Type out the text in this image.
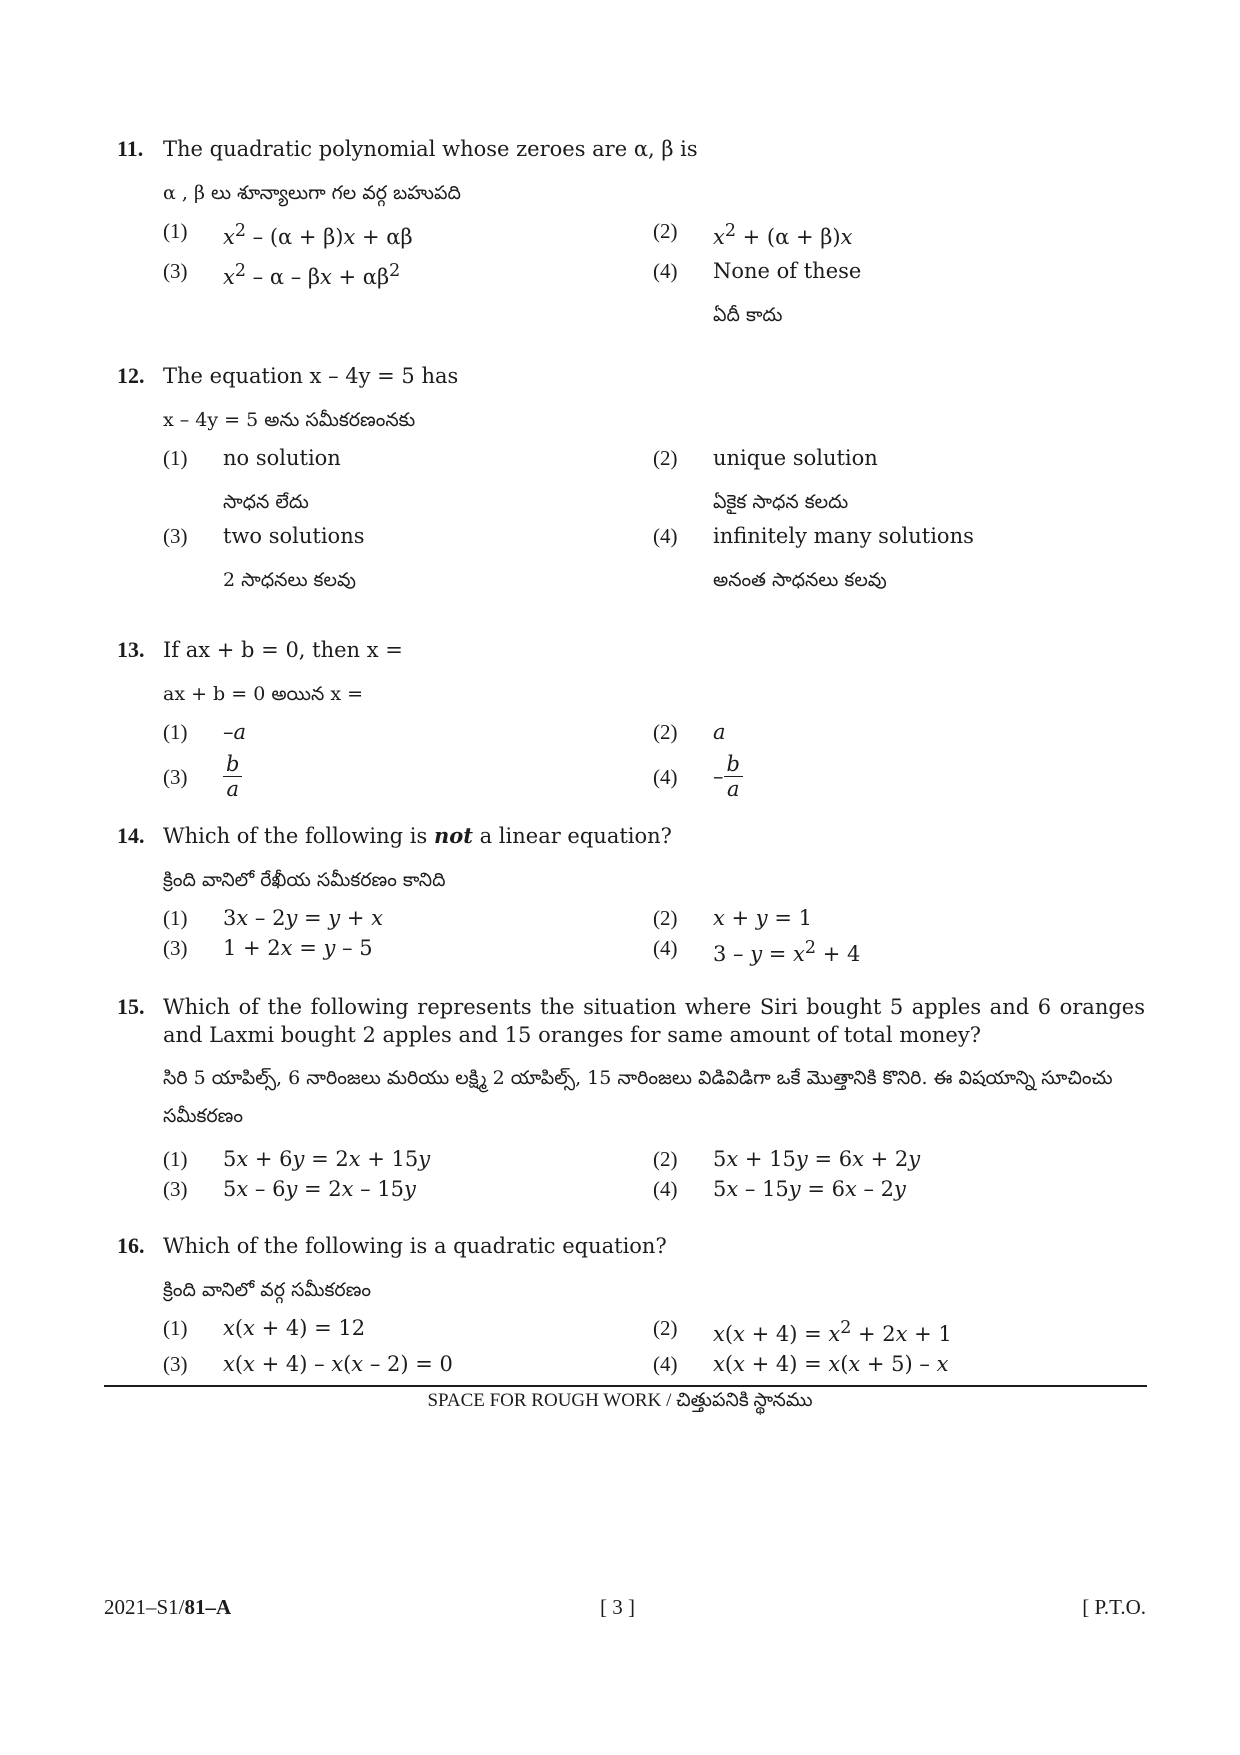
11. The quadratic polynomial whose zeroes are α, β is
α , β లు శూన్యాలుగా గల వర్గ బహుపది
(1)	$x^2 - (\alpha + \beta)x + \alpha\beta$	(2)	$x^2 + (\alpha + \beta)x$
(3)	$x^2 - \alpha - \beta x + \alpha\beta^2$	(4)	None of these
ఏదీ కాదు
12. The equation x – 4y = 5 has
x – 4y = 5 అను సమీకరణంనకు
(1)	no solution
సాధన లేదు
(2)	unique solution
ఏకైక సాధన కలదు
(3)	two solutions
2 సాధనలు కలవు
(4)	infinitely many solutions
అనంత సాధనలు కలవు
13. If ax + b = 0, then x =
ax + b = 0 అయిన x =
(1)	–a	(2)	a
(3)	$\frac{b}{a}$	(4)	– $\frac{b}{a}$
14. Which of the following is not a linear equation?
క్రింది వానిలో రేఖీయ సమీకరణం కానిది
(1)	3x – 2y = y + x	(2)	x + y = 1
(3)	1 + 2x = y – 5	(4)	$3 - y = x^2 + 4$
15. Which of the following represents the situation where Siri bought 5 apples and 6 oranges and Laxmi bought 2 apples and 15 oranges for same amount of total money?
సిరి 5 యాపిల్స్, 6 నారింజలు మరియు లక్ష్మి 2 యాపిల్స్, 15 నారింజలు విడివిడిగా ఒకే మొత్తానికి కొనిరి. ఈ విషయాన్ని సూచించు సమీకరణం
(1)	5x + 6y = 2x + 15y	(2)	5x + 15y = 6x + 2y
(3)	5x – 6y = 2x – 15y	(4)	5x – 15y = 6x – 2y
16. Which of the following is a quadratic equation?
క్రింది వానిలో వర్గ సమీకరణం
(1)	x(x + 4) = 12	(2)	$x(x + 4) = x^2 + 2x + 1$
(3)	x(x + 4) – x(x – 2) = 0	(4)	x(x + 4) = x(x + 5) – x
SPACE FOR ROUGH WORK / చిత్తుపనికి స్థానము
2021–S1/81–A	[ 3 ]	[ P.T.O.
